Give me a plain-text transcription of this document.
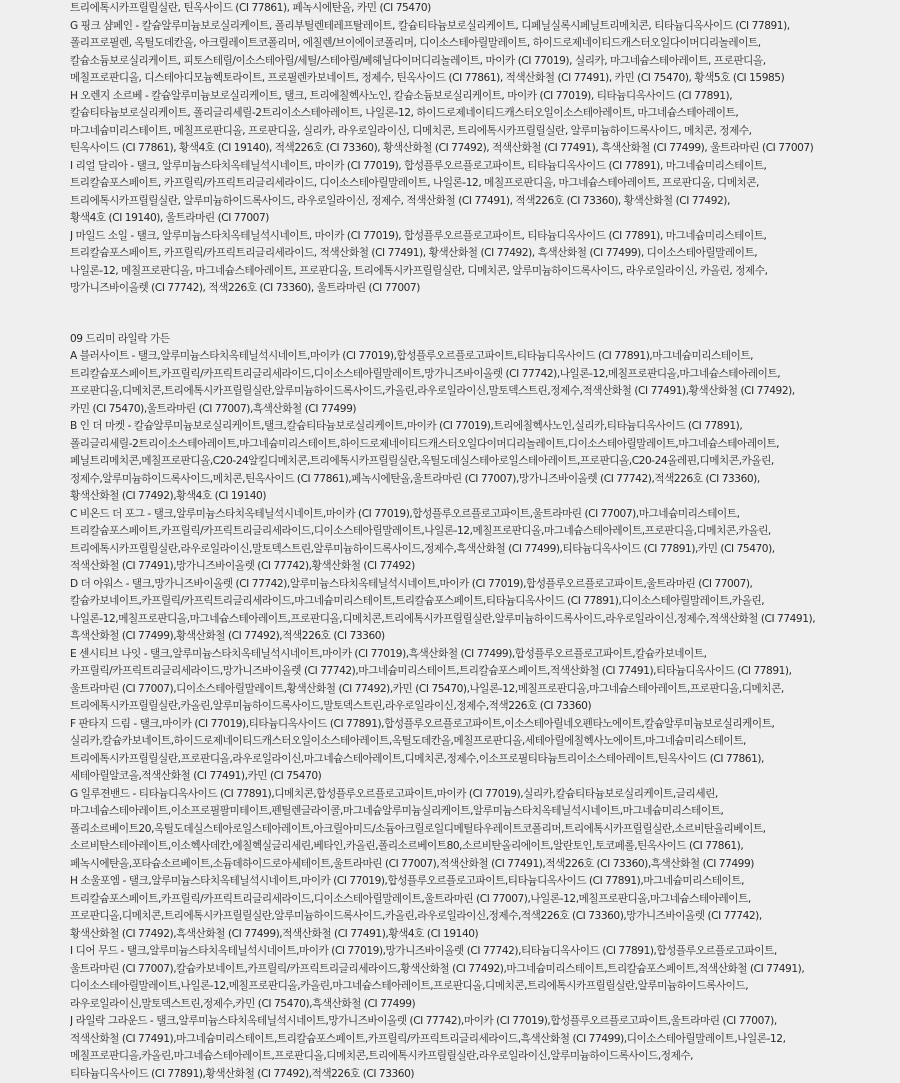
트리에톡시카프릴릴실란, 틴옥사이드 (CI 77861), 페녹시에탄올, 카민 (CI 75470)
G 핑크 샴페인 - 칼슘알루미늄보로실리케이트, 폴리부틸렌테레프탈레이트, 칼슘티타늄보로실리케이트, 디페닐실록시페닐트리메치콘, 티타늄디옥사이드 (CI 77891),
폴리프로필렌, 옥틸도데칸올, 아크릴레이트코폴리머, 에칠렌/브이에이코폴리머, 디이소스테아릴말레이트, 하이드로제네이티드캐스터오일다이머디리놀레이트,
칼슘소듐보로실리케이트, 피토스테릴/이소스테아릴/세틸/스테아릴/베헤닐다이머디리놀레이트, 마이카 (CI 77019), 실리카, 마그네슘스테아레이트, 프로판디올,
메칠프로판디올, 디스테아디모늄헥토라이트, 프로필렌카보네이트, 정제수, 틴옥사이드 (CI 77861), 적색산화철 (CI 77491), 카민 (CI 75470), 황색5호 (CI 15985)
H 오렌지 소르베 - 칼슘알루미늄보로실리케이트, 탤크, 트리에칠헥사노인, 칼슘소듐보로실리케이트, 마이카 (CI 77019), 티타늄디옥사이드 (CI 77891),
칼슘티타늄보로실리케이트, 폴리글리세릴-2트리이소스테아레이트, 나일론-12, 하이드로제네이티드캐스터오일이소스테아레이트, 마그네슘스테아레이트,
마그네슘미리스테이트, 메칠프로판디올, 프로판디올, 실리카, 라우로일라이신, 디메치콘, 트리에톡시카프릴릴실란, 알루미늄하이드록사이드, 메치콘, 정제수,
틴옥사이드 (CI 77861), 황색4호 (CI 19140), 적색226호 (CI 73360), 황색산화철 (CI 77492), 적색산화철 (CI 77491), 흑색산화철 (CI 77499), 울트라마린 (CI 77007)
I 리얼 달리아 - 탤크, 알루미늄스타치옥테닐석시네이트, 마이카 (CI 77019), 합성플루오르플로고파이트, 티타늄디옥사이드 (CI 77891), 마그네슘미리스테이트,
트리칼슘포스페이트, 카프릴릭/카프릭트리글리세라이드, 디이소스테아릴말레이트, 나일론-12, 메칠프로판디올, 마그네슘스테아레이트, 프로판디올, 디메치콘,
트리에톡시카프릴릴실란, 알루미늄하이드록사이드, 라우로일라이신, 정제수, 적색산화철 (CI 77491), 적색226호 (CI 73360), 황색산화철 (CI 77492),
황색4호 (CI 19140), 울트라마린 (CI 77007)
J 마일드 소일 - 탤크, 알루미늄스타치옥테닐석시네이트, 마이카 (CI 77019), 합성플루오르플로고파이트, 티타늄디옥사이드 (CI 77891), 마그네슘미리스테이트,
트리칼슘포스페이트, 카프릴릭/카프릭트리글리세라이드, 적색산화철 (CI 77491), 황색산화철 (CI 77492), 흑색산화철 (CI 77499), 디이소스테아릴말레이트,
나일론-12, 메칠프로판디올, 마그네슘스테아레이트, 프로판디올, 트리에톡시카프릴릴실란, 디메치콘, 알루미늄하이드록사이드, 라우로일라이신, 카올린, 정제수,
망가니즈바이올렛 (CI 77742), 적색226호 (CI 73360), 울트라마린 (CI 77007)
09 드리미 라일락 가든
A 블러사이트 - 탤크,알루미늄스타치옥테닐석시네이트,마이카 (CI 77019),합성플루오르플로고파이트,티타늄디옥사이드 (CI 77891),마그네슘미리스테이트,
트리칼슘포스페이트,카프릴릭/카프릭트리글리세라이드,디이소스테아릴말레이트,망가니즈바이올렛 (CI 77742),나일론-12,메칠프로판디올,마그네슘스테아레이트,
프로판디올,디메치콘,트리에톡시카프릴릴실란,알루미늄하이드록사이드,카올린,라우로일라이신,말토덱스트린,정제수,적색산화철 (CI 77491),황색산화철 (CI 77492),
카민 (CI 75470),울트라마린 (CI 77007),흑색산화철 (CI 77499)
B 인 더 마켓 - 칼슘알루미늄보로실리케이트,탤크,칼슘티타늄보로실리케이트,마이카 (CI 77019),트리에칠헥사노인,실리카,티타늄디옥사이드 (CI 77891),
폴리글리세릴-2트리이소스테아레이트,마그네슘미리스테이트,하이드로제네이티드캐스터오일다이머디리놀레이트,디이소스테아릴말레이트,마그네슘스테아레이트,
페닐트리메치콘,메칠프로판디올,C20-24알킬디메치콘,트리에톡시카프릴릴실란,옥틸도데실스테아로일스테아레이트,프로판디올,C20-24올레핀,디메치콘,카올린,
정제수,알루미늄하이드록사이드,메치콘,틴옥사이드 (CI 77861),페녹시에탄올,울트라마린 (CI 77007),망가니즈바이올렛 (CI 77742),적색226호 (CI 73360),
황색산화철 (CI 77492),황색4호 (CI 19140)
C 비온드 더 포그 - 탤크,알루미늄스타치옥테닐석시네이트,마이카 (CI 77019),합성플루오르플로고파이트,울트라마린 (CI 77007),마그네슘미리스테이트,
트리칼슘포스페이트,카프릴릭/카프릭트리글리세라이드,디이소스테아릴말레이트,나일론-12,메칠프로판디올,마그네슘스테아레이트,프로판디올,디메치콘,카올린,
트리에톡시카프릴릴실란,라우로일라이신,말토덱스트린,알루미늄하이드록사이드,정제수,흑색산화철 (CI 77499),티타늄디옥사이드 (CI 77891),카민 (CI 75470),
적색산화철 (CI 77491),망가니즈바이올렛 (CI 77742),황색산화철 (CI 77492)
D 더 아워스 - 탤크,망가니즈바이올렛 (CI 77742),알루미늄스타치옥테닐석시네이트,마이카 (CI 77019),합성플루오르플로고파이트,울트라마린 (CI 77007),
칼슘카보네이트,카프릴릭/카프릭트리글리세라이드,마그네슘미리스테이트,트리칼슘포스페이트,티타늄디옥사이드 (CI 77891),디이소스테아릴말레이트,카올린,
나일론-12,메칠프로판디올,마그네슘스테아레이트,프로판디올,디메치콘,트리에톡시카프릴릴실란,알루미늄하이드록사이드,라우로일라이신,정제수,적색산화철 (CI 77491),
흑색산화철 (CI 77499),황색산화철 (CI 77492),적색226호 (CI 73360)
E 센시티브 나잇 - 탤크,알루미늄스타치옥테닐석시네이트,마이카 (CI 77019),흑색산화철 (CI 77499),합성플루오르플로고파이트,칼슘카보네이트,
카프릴릭/카프릭트리글리세라이드,망가니즈바이올렛 (CI 77742),마그네슘미리스테이트,트리칼슘포스페이트,적색산화철 (CI 77491),티타늄디옥사이드 (CI 77891),
울트라마린 (CI 77007),디이소스테아릴말레이트,황색산화철 (CI 77492),카민 (CI 75470),나일론-12,메칠프로판디올,마그네슘스테아레이트,프로판디올,디메치콘,
트리에톡시카프릴릴실란,카올린,알루미늄하이드록사이드,말토덱스트린,라우로일라이신,정제수,적색226호 (CI 73360)
F 판타지 드림 - 탤크,마이카 (CI 77019),티타늄디옥사이드 (CI 77891),합성플루오르플로고파이트,이소스테아릴네오펜타노에이트,칼슘알루미늄보로실리케이트,
실리카,칼슘카보네이트,하이드로제네이티드캐스터오일이소스테아레이트,옥틸도데칸올,메칠프로판디올,세테아릴에칠헥사노에이트,마그네슘미리스테이트,
트리에톡시카프릴릴실란,프로판디올,라우로일라이신,마그네슘스테아레이트,디메치콘,정제수,이소프로필티타늄트리이소스테아레이트,틴옥사이드 (CI 77861),
세테아릴알코올,적색산화철 (CI 77491),카민 (CI 75470)
G 일루젼밴드 - 티타늄디옥사이드 (CI 77891),디메치콘,합성플루오르플로고파이트,마이카 (CI 77019),실리카,칼슘티타늄보로실리케이트,글리세린,
마그네슘스테아레이트,이소프로필팔미테이트,펜틸렌글라이콜,마그네슘알루미늄실리케이트,알루미늄스타치옥테닐석시네이트,마그네슘미리스테이트,
폴리소르베이트20,옥틸도데실스테아로일스테아레이트,아크릴아미드/소듐아크릴로일디메틸타우레이트코폴리머,트리에톡시카프릴릴실란,소르비탄올리베이트,
소르비탄스테아레이트,이소헥사데칸,에칠헥실글리세린,베타인,카올린,폴리소르베이트80,소르비탄올리에이트,알란토인,토코페롤,틴옥사이드 (CI 77861),
페녹시에탄올,포타슘소르베이트,소듐데하이드로아세테이트,울트라마린 (CI 77007),적색산화철 (CI 77491),적색226호 (CI 73360),흑색산화철 (CI 77499)
H 소울포엠 - 탤크,알루미늄스타치옥테닐석시네이트,마이카 (CI 77019),합성플루오르플로고파이트,티타늄디옥사이드 (CI 77891),마그네슘미리스테이트,
트리칼슘포스페이트,카프릴릭/카프릭트리글리세라이드,디이소스테아릴말레이트,울트라마린 (CI 77007),나일론-12,메칠프로판디올,마그네슘스테아레이트,
프로판디올,디메치콘,트리에톡시카프릴릴실란,알루미늄하이드록사이드,카올린,라우로일라이신,정제수,적색226호 (CI 73360),망가니즈바이올렛 (CI 77742),
황색산화철 (CI 77492),흑색산화철 (CI 77499),적색산화철 (CI 77491),황색4호 (CI 19140)
I 디어 무드 - 탤크,알루미늄스타치옥테닐석시네이트,마이카 (CI 77019),망가니즈바이올렛 (CI 77742),티타늄디옥사이드 (CI 77891),합성플루오르플로고파이트,
울트라마린 (CI 77007),칼슘카보네이트,카프릴릭/카프릭트리글리세라이드,황색산화철 (CI 77492),마그네슘미리스테이트,트리칼슘포스페이트,적색산화철 (CI 77491),
디이소스테아릴말레이트,나일론-12,메칠프로판디올,카올린,마그네슘스테아레이트,프로판디올,디메치콘,트리에톡시카프릴릴실란,알루미늄하이드록사이드,
라우로일라이신,말토덱스트린,정제수,카민 (CI 75470),흑색산화철 (CI 77499)
J 라일락 그라운드 - 탤크,알루미늄스타치옥테닐석시네이트,망가니즈바이올렛 (CI 77742),마이카 (CI 77019),합성플루오르플로고파이트,울트라마린 (CI 77007),
적색산화철 (CI 77491),마그네슘미리스테이트,트리칼슘포스페이트,카프릴릭/카프릭트리글리세라이드,흑색산화철 (CI 77499),디이소스테아릴말레이트,나일론-12,
메칠프로판디올,카올린,마그네슘스테아레이트,프로판디올,디메치콘,트리에톡시카프릴릴실란,라우로일라이신,알루미늄하이드록사이드,정제수,
티타늄디옥사이드 (CI 77891),황색산화철 (CI 77492),적색226호 (CI 73360)
